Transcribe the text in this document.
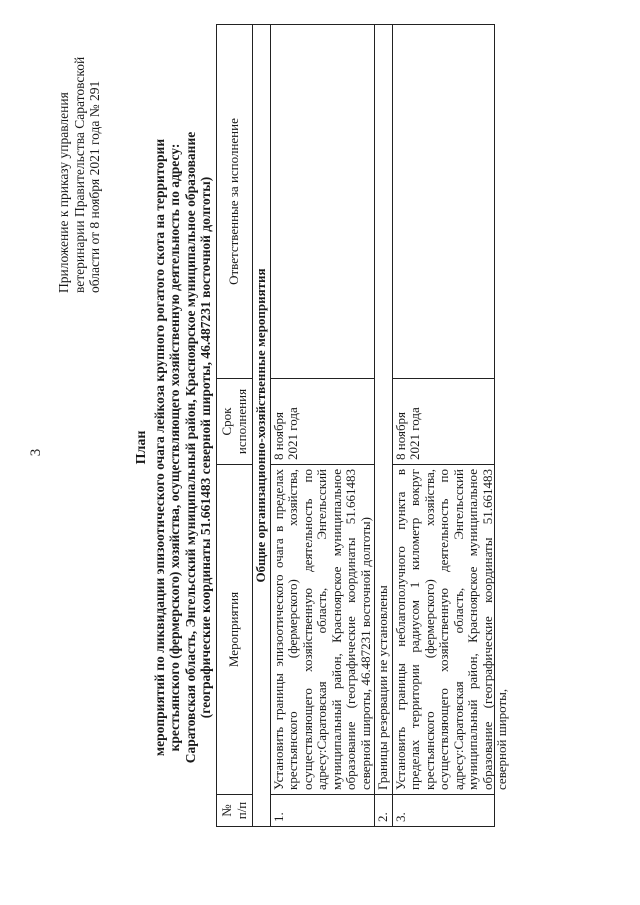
3
Приложение к приказу управления ветеринарии Правительства Саратовской области от 8 ноября 2021 года № 291
План мероприятий по ликвидации эпизоотического очага лейкоза крупного рогатого скота на территории крестьянского (фермерского) хозяйства, осуществляющего хозяйственную деятельность по адресу: Саратовская область, Энгельсский муниципальный район, Красноярское муниципальное образование (географические координаты 51.661483 северной широты, 46.487231 восточной долготы)
№ п/п	Мероприятия	Срок исполнения	Ответственные за исполнение
Общие организационно-хозяйственные мероприятия			
1.	Установить границы эпизоотического очага в пределах крестьянского (фермерского) хозяйства, осуществляющего хозяйственную деятельность по адресу:Саратовская область, Энгельсский муниципальный район, Красноярское муниципальное образование (географические координаты 51.661483 северной широты, 46.487231 восточной долготы)	8 ноября 2021 года	

2.	Границы резервации не установлены		
3.	Установить границы неблагополучного пункта в пределах территории радиусом 1 километр вокруг крестьянского (фермерского) хозяйства, осуществляющего хозяйственную деятельность по адресу:Саратовская область, Энгельсский муниципальный район, Красноярское муниципальное образование (географические координаты 51.661483 северной широты,	8 ноября 2021 года	
